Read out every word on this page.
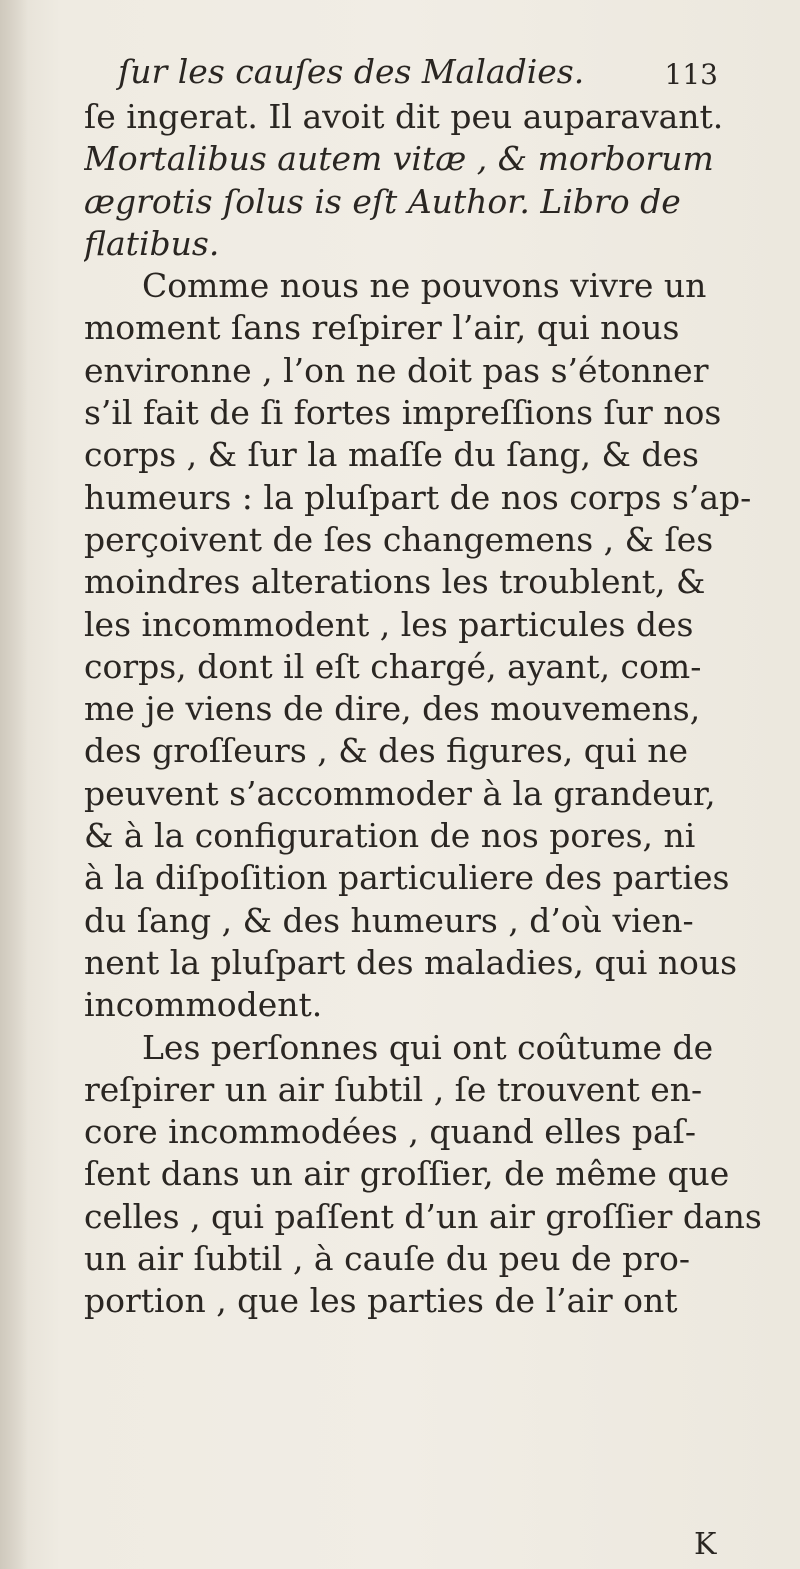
ſur les cauſes des Maladies.	113
ſe ingerat. Il avoit dit peu auparavant.
Mortalibus autem vitæ , & morborum
ægrotis ſolus is eſt Author. Libro de
flatibus.
Comme nous ne pouvons vivre un
moment ſans reſpirer l’air, qui nous
environne , l’on ne doit pas s’étonner
s’il fait de ſi fortes impreſſions ſur nos
corps , & ſur la maſſe du ſang, & des
humeurs : la pluſpart de nos corps s’ap-
perçoivent de ſes changemens , & ſes
moindres alterations les troublent, &
les incommodent , les particules des
corps, dont il eſt chargé, ayant, com-
me je viens de dire, des mouvemens,
des groſſeurs , & des figures, qui ne
peuvent s’accommoder à la grandeur,
& à la configuration de nos pores, ni
à la diſpoſition particuliere des parties
du ſang , & des humeurs , d’où vien-
nent la pluſpart des maladies, qui nous
incommodent.
Les perſonnes qui ont coûtume de
reſpirer un air ſubtil , ſe trouvent en-
core incommodées , quand elles paſ-
ſent dans un air groſſier, de même que
celles , qui paſſent d’un air groſſier dans
un air ſubtil , à cauſe du peu de pro-
portion , que les parties de l’air ont
K
